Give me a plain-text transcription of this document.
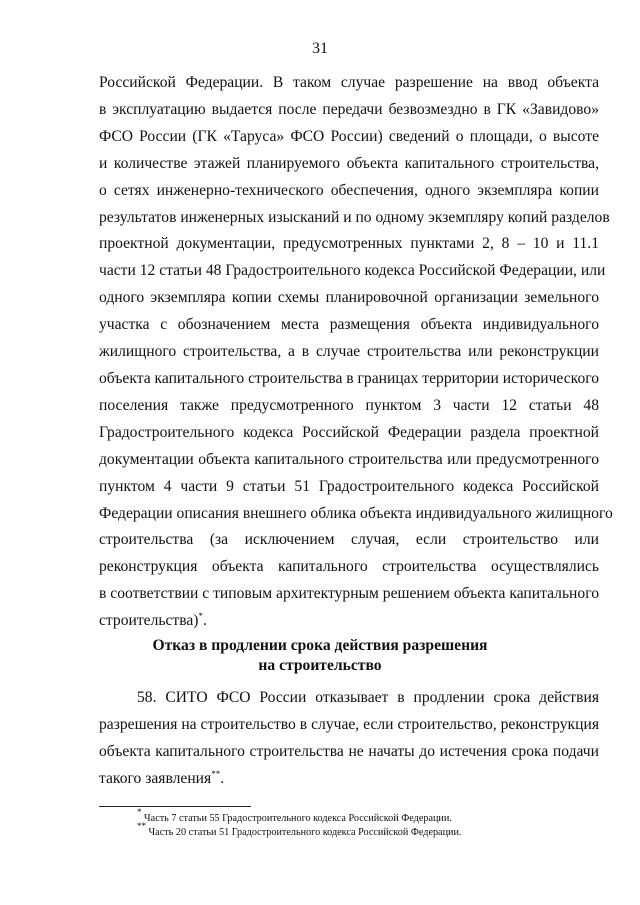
31
Российской Федерации. В таком случае разрешение на ввод объекта
в эксплуатацию выдается после передачи безвозмездно в ГК «Завидово»
ФСО России (ГК «Таруса» ФСО России) сведений о площади, о высоте
и количестве этажей планируемого объекта капитального строительства,
о сетях инженерно-технического обеспечения, одного экземпляра копии
результатов инженерных изысканий и по одному экземпляру копий разделов
проектной документации, предусмотренных пунктами 2, 8 – 10 и 11.1
части 12 статьи 48 Градостроительного кодекса Российской Федерации, или
одного экземпляра копии схемы планировочной организации земельного
участка с обозначением места размещения объекта индивидуального
жилищного строительства, а в случае строительства или реконструкции
объекта капитального строительства в границах территории исторического
поселения также предусмотренного пунктом 3 части 12 статьи 48
Градостроительного кодекса Российской Федерации раздела проектной
документации объекта капитального строительства или предусмотренного
пунктом 4 части 9 статьи 51 Градостроительного кодекса Российской
Федерации описания внешнего облика объекта индивидуального жилищного
строительства (за исключением случая, если строительство или
реконструкция объекта капитального строительства осуществлялись
в соответствии с типовым архитектурным решением объекта капитального
строительства)*.
Отказ в продлении срока действия разрешения
на строительство
58. СИТО ФСО России отказывает в продлении срока действия
разрешения на строительство в случае, если строительство, реконструкция
объекта капитального строительства не начаты до истечения срока подачи
такого заявления**.
* Часть 7 статьи 55 Градостроительного кодекса Российской Федерации.
** Часть 20 статьи 51 Градостроительного кодекса Российской Федерации.
